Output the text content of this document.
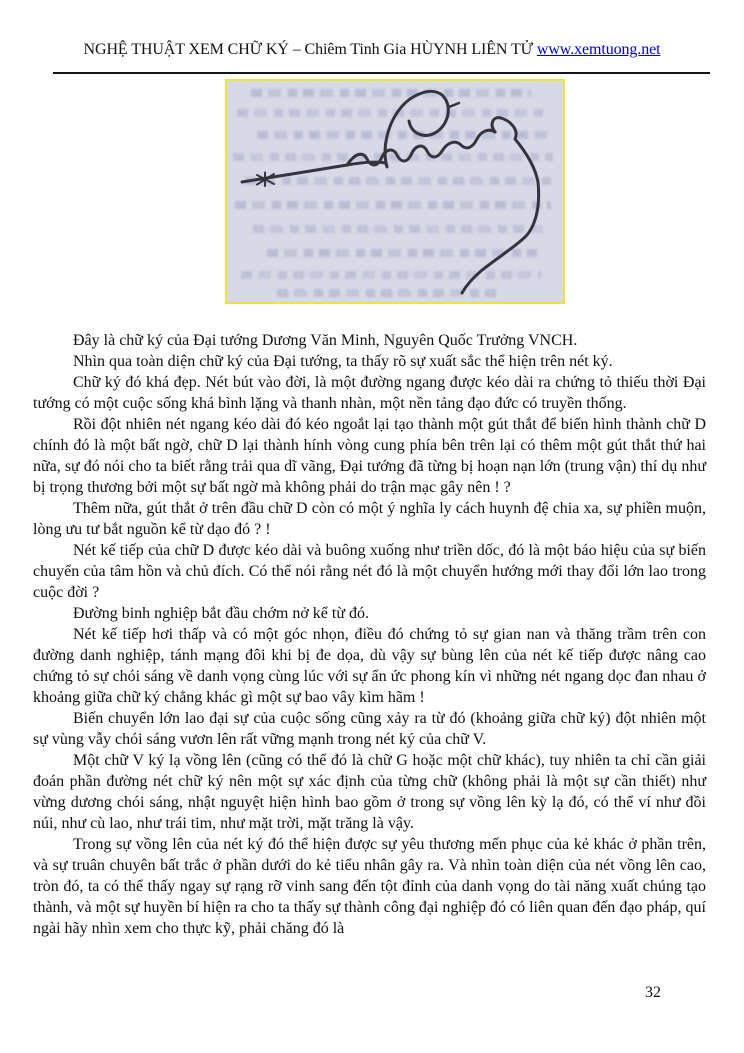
NGHỆ THUẬT XEM CHỮ KÝ – Chiêm Tinh Gia HÙYNH LIÊN TỬ www.xemtuong.net

Đây là chữ ký của Đại tướng Dương Văn Minh, Nguyên Quốc Trưởng VNCH.

Nhìn qua toàn diện chữ ký của Đại tướng, ta thấy rõ sự xuất sắc thể hiện trên nét ký.

Chữ ký đó khá đẹp. Nét bút vào đời, là một đường ngang được kéo dài ra chứng tỏ thiếu thời Đại tướng có một cuộc sống khá bình lặng và thanh nhàn, một nền tảng đạo đức có truyền thống.

Rồi đột nhiên nét ngang kéo dài đó kéo ngoắt lại tạo thành một gút thắt để biến hình thành chữ D chính đó là một bất ngờ, chữ D lại thành hính vòng cung phía bên trên lại có thêm một gút thắt thứ hai nữa, sự đó nói cho ta biết rằng trải qua dĩ vãng, Đại tướng đã từng bị hoạn nạn lớn (trung vận) thí dụ như bị trọng thương bởi một sự bất ngờ mà không phải do trận mạc gây nên ! ?

Thêm nữa, gút thắt ở trên đầu chữ D còn có một ý nghĩa ly cách huynh đệ chia xa, sự phiền muộn, lòng ưu tư bắt nguồn kể từ dạo đó ? !

Nét kế tiếp của chữ D được kéo dài và buông xuống như triền dốc, đó là một báo hiệu của sự biến chuyển của tâm hồn và chủ đích. Có thể nói rằng nét đó là một chuyển hướng mới thay đổi lớn lao trong cuộc đời ?

Đường binh nghiệp bắt đầu chớm nở kể từ đó.

Nét kế tiếp hơi thấp và có một góc nhọn, điều đó chứng tỏ sự gian nan và thăng trầm trên con đường danh nghiệp, tánh mạng đôi khi bị đe dọa, dù vậy sự bùng lên của nét kế tiếp được nâng cao chứng tỏ sự chói sáng về danh vọng cùng lúc với sự ẩn ức phong kín vì những nét ngang dọc đan nhau ở khoảng giữa chữ ký chẳng khác gì một sự bao vây kìm hãm !

Biến chuyển lớn lao đại sự của cuộc sống cũng xảy ra từ đó (khoảng giữa chữ ký) đột nhiên một sự vùng vẫy chói sáng vươn lên rất vững mạnh trong nét ký của chữ V.

Một chữ V ký lạ vồng lên (cũng có thể đó là chữ G hoặc một chữ khác), tuy nhiên ta chỉ cần giải đoán phần đường nét chữ ký nên một sự xác định của từng chữ (không phải là một sự cần thiết) như vừng dương chói sáng, nhật nguyệt hiện hình bao gồm ở trong sự vồng lên kỳ lạ đó, có thể ví như đồi núi, như cù lao, như trái tim, như mặt trời, mặt trăng là vậy.

Trong sự vồng lên của nét ký đó thể hiện được sự yêu thương mến phục của kẻ khác ở phần trên, và sự truân chuyên bất trắc ở phần dưới do kẻ tiểu nhân gây ra. Và nhìn toàn diện của nét vồng lên cao, tròn đó, ta có thể thấy ngay sự rạng rỡ vinh sang đến tột đỉnh của danh vọng do tài năng xuất chúng tạo thành, và một sự huyền bí hiện ra cho ta thấy sự thành công đại nghiệp đó có liên quan đến đạo pháp, quí ngài hãy nhìn xem cho thực kỹ, phải chăng đó là

32
